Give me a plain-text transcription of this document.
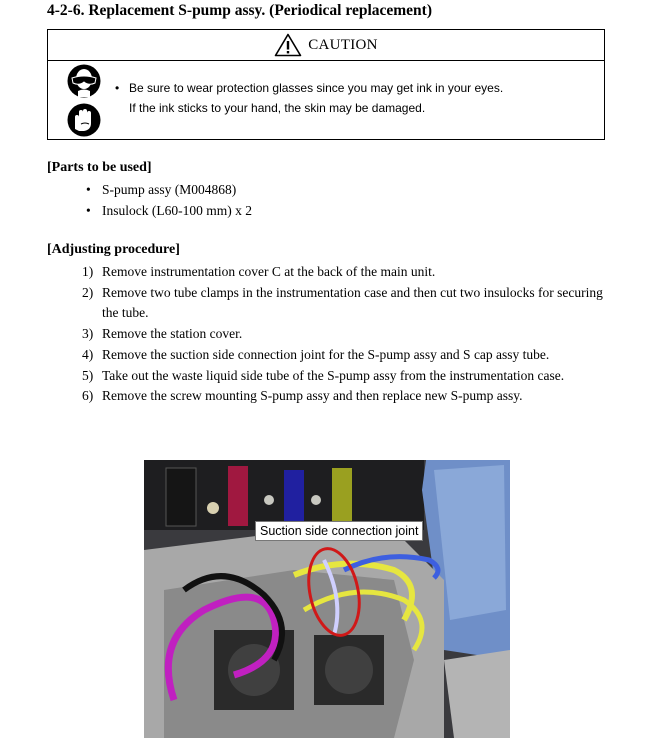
4-2-6. Replacement S-pump assy. (Periodical replacement)
CAUTION
• Be sure to wear protection glasses since you may get ink in your eyes.
If the ink sticks to your hand, the skin may be damaged.
[Parts to be used]
• S-pump assy (M004868)
• Insulock (L60-100 mm) x 2
[Adjusting procedure]
1) Remove instrumentation cover C at the back of the main unit.
2) Remove two tube clamps in the instrumentation case and then cut two insulocks for securing the tube.
3) Remove the station cover.
4) Remove the suction side connection joint for the S-pump assy and S cap assy tube.
5) Take out the waste liquid side tube of the S-pump assy from the instrumentation case.
6) Remove the screw mounting S-pump assy and then replace new S-pump assy.
Suction side connection joint
